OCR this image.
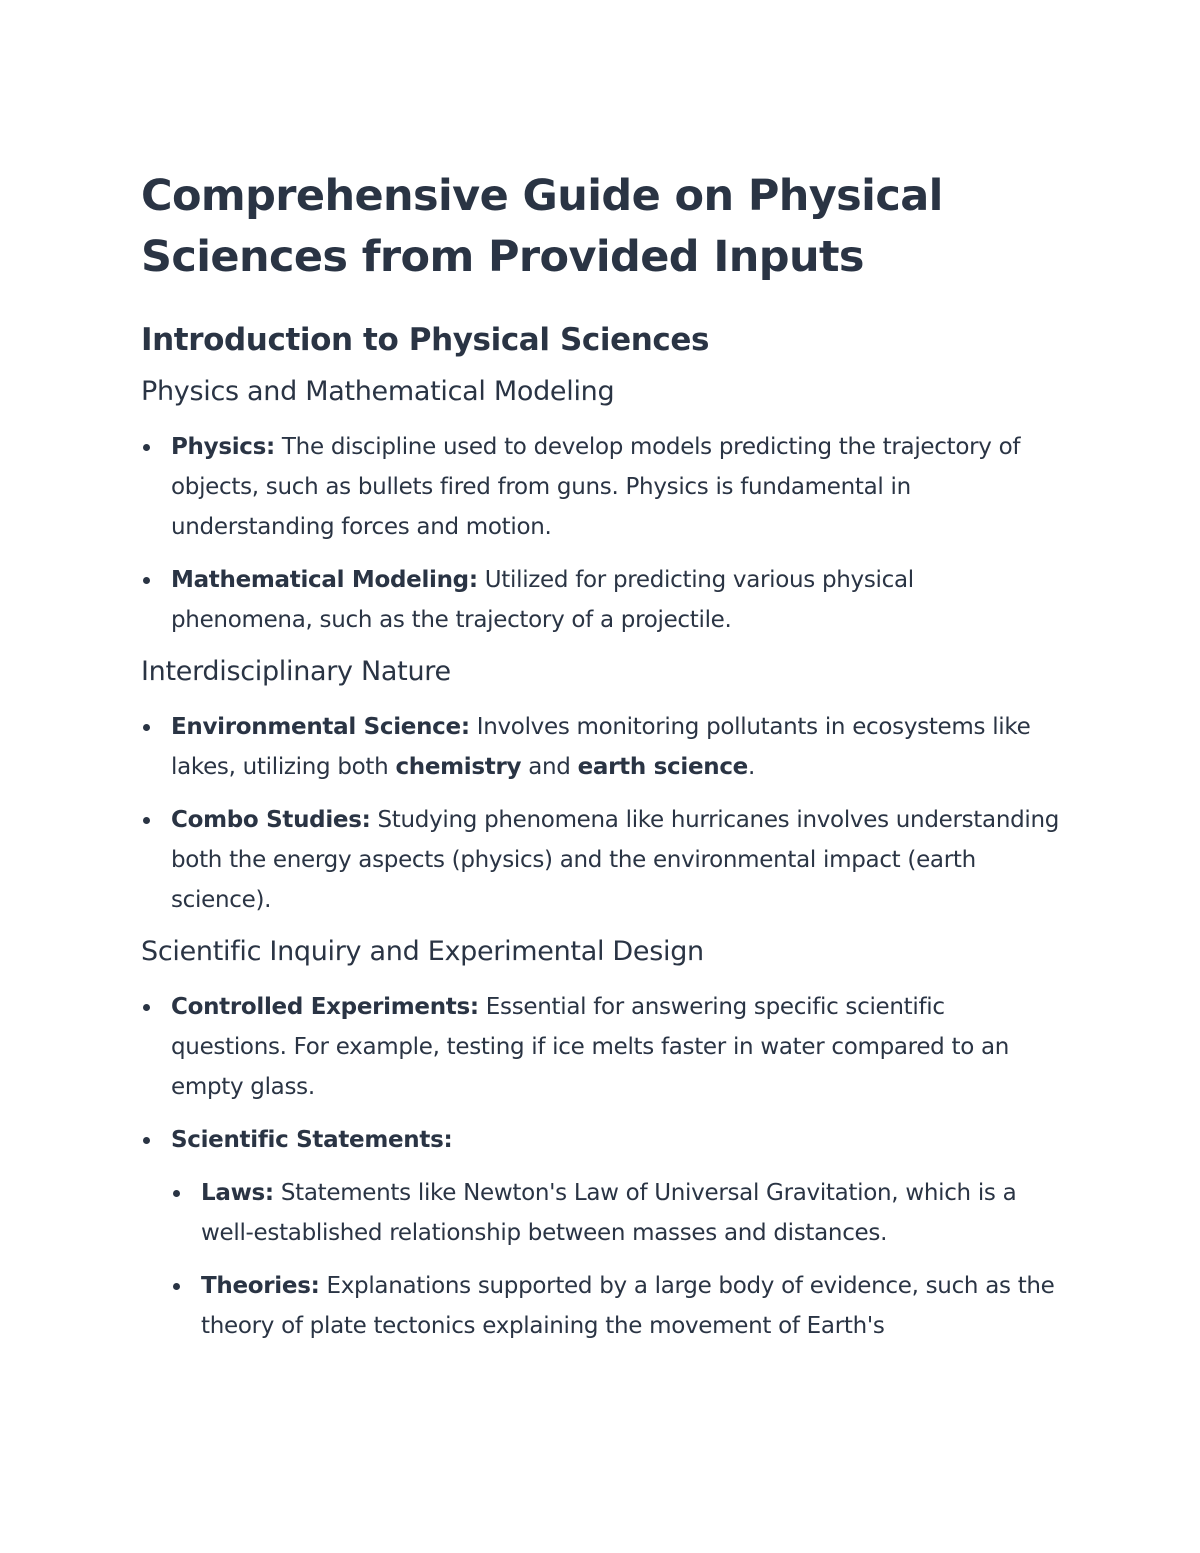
Comprehensive Guide on Physical Sciences from Provided Inputs
Introduction to Physical Sciences
Physics and Mathematical Modeling
Physics: The discipline used to develop models predicting the trajectory of objects, such as bullets fired from guns. Physics is fundamental in understanding forces and motion.
Mathematical Modeling: Utilized for predicting various physical phenomena, such as the trajectory of a projectile.
Interdisciplinary Nature
Environmental Science: Involves monitoring pollutants in ecosystems like lakes, utilizing both chemistry and earth science.
Combo Studies: Studying phenomena like hurricanes involves understanding both the energy aspects (physics) and the environmental impact (earth science).
Scientific Inquiry and Experimental Design
Controlled Experiments: Essential for answering specific scientific questions. For example, testing if ice melts faster in water compared to an empty glass.
Scientific Statements:
Laws: Statements like Newton's Law of Universal Gravitation, which is a well-established relationship between masses and distances.
Theories: Explanations supported by a large body of evidence, such as the theory of plate tectonics explaining the movement of Earth's
